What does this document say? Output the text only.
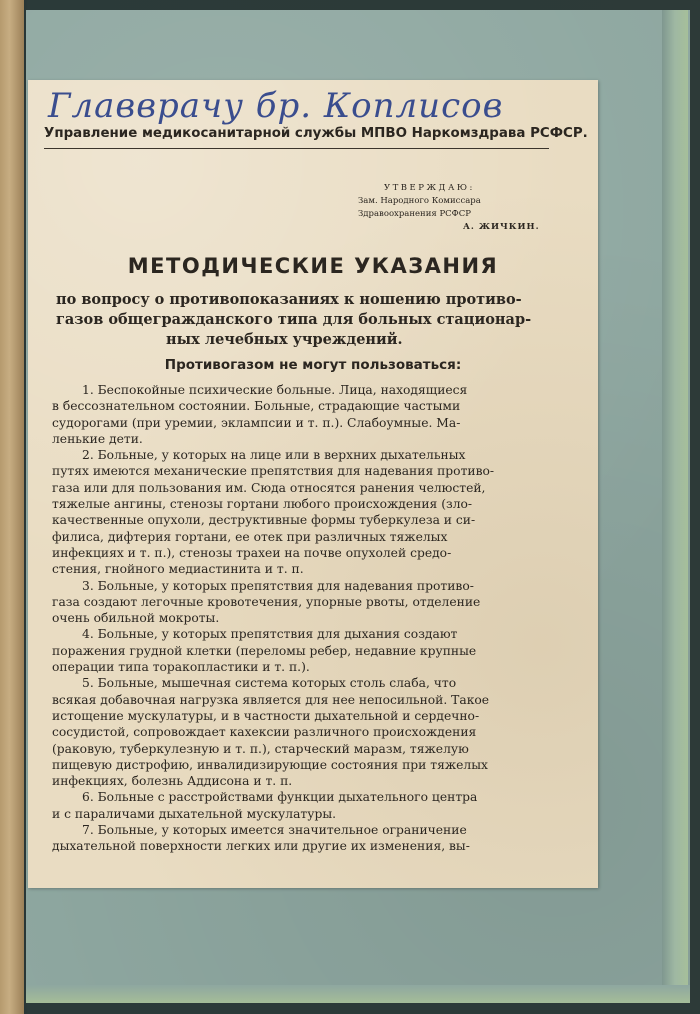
Главврачу бр. Коплисов
Управление медикосанитарной службы МПВО Наркомздрава РСФСР.
УТВЕРЖДАЮ:
Зам. Народного Комиссара
Здравоохранения РСФСР
А. ЖИЧКИН.
МЕТОДИЧЕСКИЕ УКАЗАНИЯ
по вопросу о противопоказаниях к ношению противо-
газов общегражданского типа для больных стационар-
ных лечебных учреждений.
Противогазом не могут пользоваться:
1. Беспокойные психические больные. Лица, находящиеся
в бессознательном состоянии. Больные, страдающие частыми
судорогами (при уремии, эклампсии и т. п.). Слабоумные. Ма-
ленькие дети.
2. Больные, у которых на лице или в верхних дыхательных
путях имеются механические препятствия для надевания противо-
газа или для пользования им. Сюда относятся ранения челюстей,
тяжелые ангины, стенозы гортани любого происхождения (зло-
качественные опухоли, деструктивные формы туберкулеза и си-
филиса, дифтерия гортани, ее отек при различных тяжелых
инфекциях и т. п.), стенозы трахеи на почве опухолей средо-
стения, гнойного медиастинита и т. п.
3. Больные, у которых препятствия для надевания противо-
газа создают легочные кровотечения, упорные рвоты, отделение
очень обильной мокроты.
4. Больные, у которых препятствия для дыхания создают
поражения грудной клетки (переломы ребер, недавние крупные
операции типа торакопластики и т. п.).
5. Больные, мышечная система которых столь слаба, что
всякая добавочная нагрузка является для нее непосильной. Такое
истощение мускулатуры, и в частности дыхательной и сердечно-
сосудистой, сопровождает кахексии различного происхождения
(раковую, туберкулезную и т. п.), старческий маразм, тяжелую
пищевую дистрофию, инвалидизирующие состояния при тяжелых
инфекциях, болезнь Аддисона и т. п.
6. Больные с расстройствами функции дыхательного центра
и с параличами дыхательной мускулатуры.
7. Больные, у которых имеется значительное ограничение
дыхательной поверхности легких или другие их изменения, вы-
